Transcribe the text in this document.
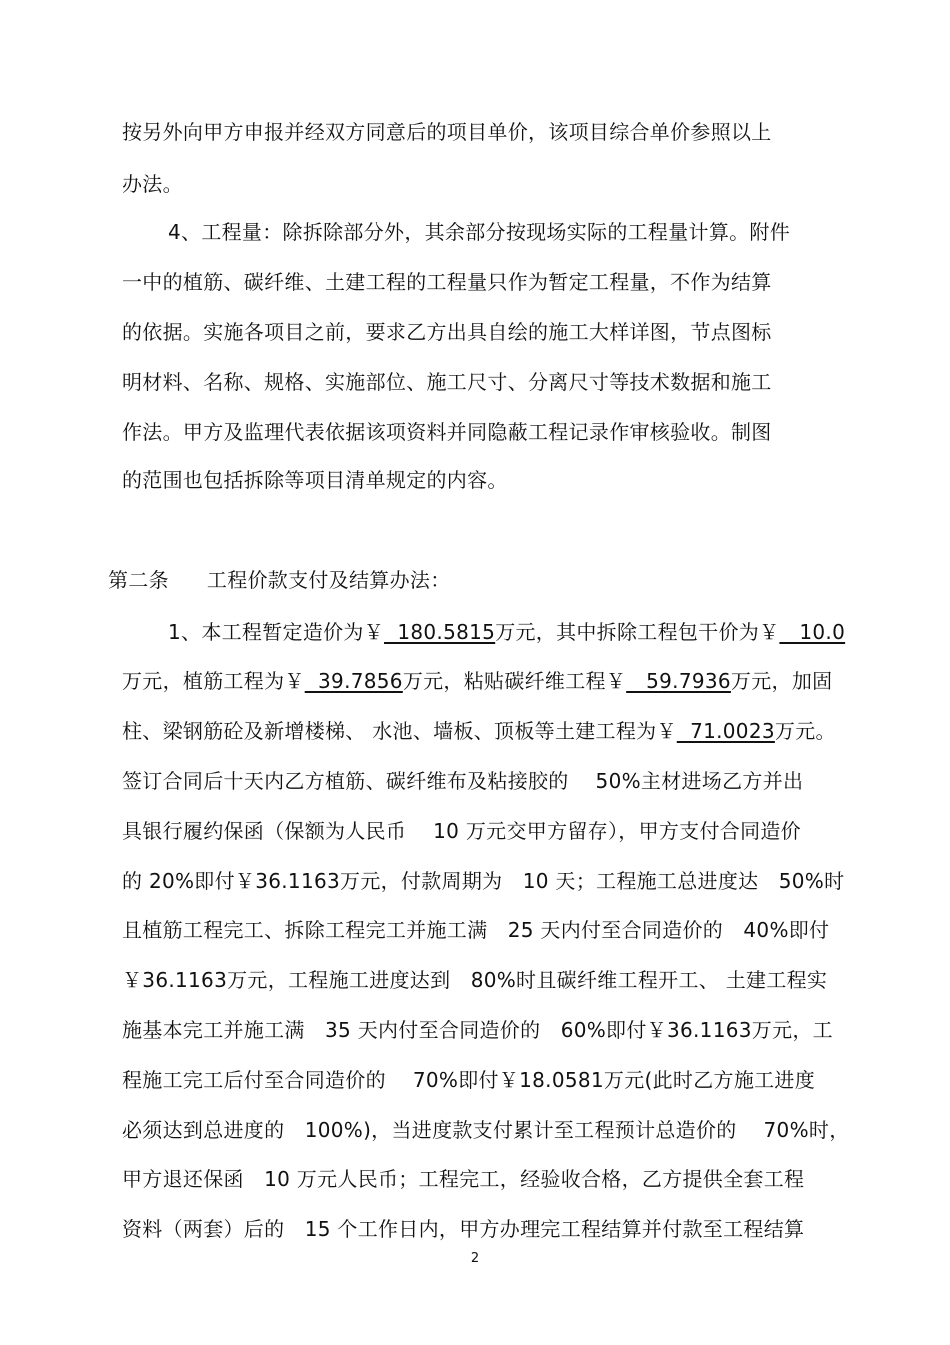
按另外向甲方申报并经双方同意后的项目单价，该项目综合单价参照以上
办法。
4、工程量：除拆除部分外，其余部分按现场实际的工程量计算。附件
一中的植筋、碳纤维、土建工程的工程量只作为暂定工程量，不作为结算
的依据。实施各项目之前，要求乙方出具自绘的施工大样详图，节点图标
明材料、名称、规格、实施部位、施工尺寸、分离尺寸等技术数据和施工
作法。甲方及监理代表依据该项资料并同隐蔽工程记录作审核验收。制图
的范围也包括拆除等项目清单规定的内容。
第二条 工程价款支付及结算办法：
1、本工程暂定造价为￥  180.5815万元，其中拆除工程包干价为￥   10.0
万元，植筋工程为￥  39.7856万元，粘贴碳纤维工程￥   59.7936万元，加固
柱、梁钢筋砼及新增楼梯、 水池、墙板、顶板等土建工程为￥  71.0023万元。
签订合同后十天内乙方植筋、碳纤维布及粘接胶的　 50%主材进场乙方并出
具银行履约保函（保额为人民币　 10 万元交甲方留存），甲方支付合同造价
的 20%即付￥36.1163万元，付款周期为　10 天；工程施工总进度达　50%时
且植筋工程完工、拆除工程完工并施工满　25 天内付至合同造价的　40%即付
￥36.1163万元，工程施工进度达到　80%时且碳纤维工程开工、 土建工程实
施基本完工并施工满　35 天内付至合同造价的　60%即付￥36.1163万元，工
程施工完工后付至合同造价的　 70%即付￥18.0581万元(此时乙方施工进度
必须达到总进度的　100%)，当进度款支付累计至工程预计总造价的　 70%时，
甲方退还保函　10 万元人民币；工程完工，经验收合格，乙方提供全套工程
资料（两套）后的　15 个工作日内，甲方办理完工程结算并付款至工程结算
2
